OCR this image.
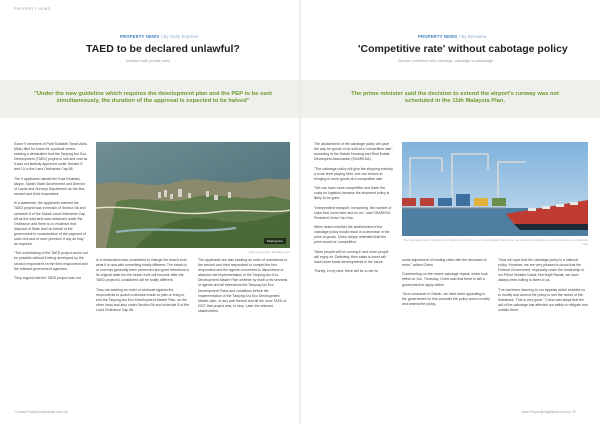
PROPERTY NEWS
PROPERTY NEWS | By Daily Express
TAED to be declared unlawful?
Invested with private party
"Under the new guideline which requires the development plan and the PEP to be sent simultaneously, the duration of the approval is expected to be halved"

Some 9 members of Parti Solidariti Tanah Airku (Star) filed for leave for a judicial review seeking a declaration that the Tanjung Aru Eco Development (TAED) project is null and void as it was not lawfully approved under Section 9 and 10 of the Land Ordinance Cap 68.

The 9 applicants named the Kota Kinabalu Mayor, Sabah State Government and Director of Lands and Surveys Department as the first, second and third respondent.

In a statement, the applicants claimed the TAED project was in breach of Section 9A and schedule 8 of the Sabah Land Ordinance Cap 68 as the said land was reclaimed under the Ordinance and there is no evidence that disposal of State land on behalf of the government in consideration of the payment of such rent and of such premium if any as may be required.

"The undertaking of the TAED project would not be possible without it being developed by the second respondent on the third respondent and the relevant government agencies.

They argued that the TAED project was not

Tanjung Aru
Tanjung Aru Eco Development

in a reclamation was considered to change the beach from what it is now with something totally different. The beach is or now has generally been preserved and gone retentions in its original state but the beach front will become after the TAED project is considered will be totally different.

They are seeking an order of certiorari against the respondents to quash a decision made to plan or bring to end the Tanjung Aru Eco Development Master Plan, on the other hand and also under Section 9A and schedule 8 of the Land Ordinance Cap 68.

The applicants are also seeking an order of mandamus to the second and third respondent to compel the first respondent and the agents concerned to discontinue or abandon the implementation of the Tanjung Aru Eco Development Master Plan whether by itself or its servants or agents and all extensions the Tanjung Aru Eco Development Plans and conditions before the implementation of the Tanjung Aru Eco Development Master plan, or any part thereof and all the once TAED or 2027 that project was, to stop. Later the relevant stakeholders.

74 www.PropertyInsightAsia.com.my
PROPERTY NEWS | By Bernama
'Competitive rate' without cabotage policy
Service combined with cabotage, cabotage to advantage
The prime minister said the decision to extend the airport's runway was not scheduled in the 11th Malaysia Plan.

The abolishment of the cabotage policy will pave the way for goods to be sold at a 'competitive rate', according to the Sabah Housing and Real Estate Developers Association (SHAREDA).

"The cabotage policy will give the shipping industry a more level playing field, one can reduce to bringing in more goods at a competitive rate.

"We can have more competitive and lower the costs for logistics because the shipment policy is likely to be gone.

"Independent transport, forwarding, the number of ships that come here and so on," said SHAREDA President Chew Yau Han.

When asked whether the abolishment of the cabotage policy would result in a decrease in the price of goods, Chew simply reiterated that the price would be 'competitive'.

"More people will be coming in and more people will enjoy on. Definitely, then sales is lower will have lower some developments in the future.

"Surely, in my view, there will be a role for

The cabotage policy will give the shipping industry a more level playing field, one can reduce to bringing in more goods at a competitive rate

some adjustment of existing rates with the decrease of rents," added Chew.

Commenting on the recent cabotage repeal, which took effect on Jun. Thursday, Chew said that there is still a government to apply within.

"As a consumer in Sabah, we have been appealing to the government for this consider the policy and to modify and amend the policy.

"Now we hope that the cabotage policy is a national policy. However, we are very pleased to know that the Federal Government, especially under the leadership of our Prime Minister Datuk Seri Najib Razak, we have always been willing to listen to us.

"I've had been listening to our appeals which enables us to modify and amend the policy to suit the needs of the Sabahans. This is very good." Chew said adopt that the aid of the cabotage has affected our ability to mitigate and contain them.

www.PropertyInsightAsia.com.my 75
